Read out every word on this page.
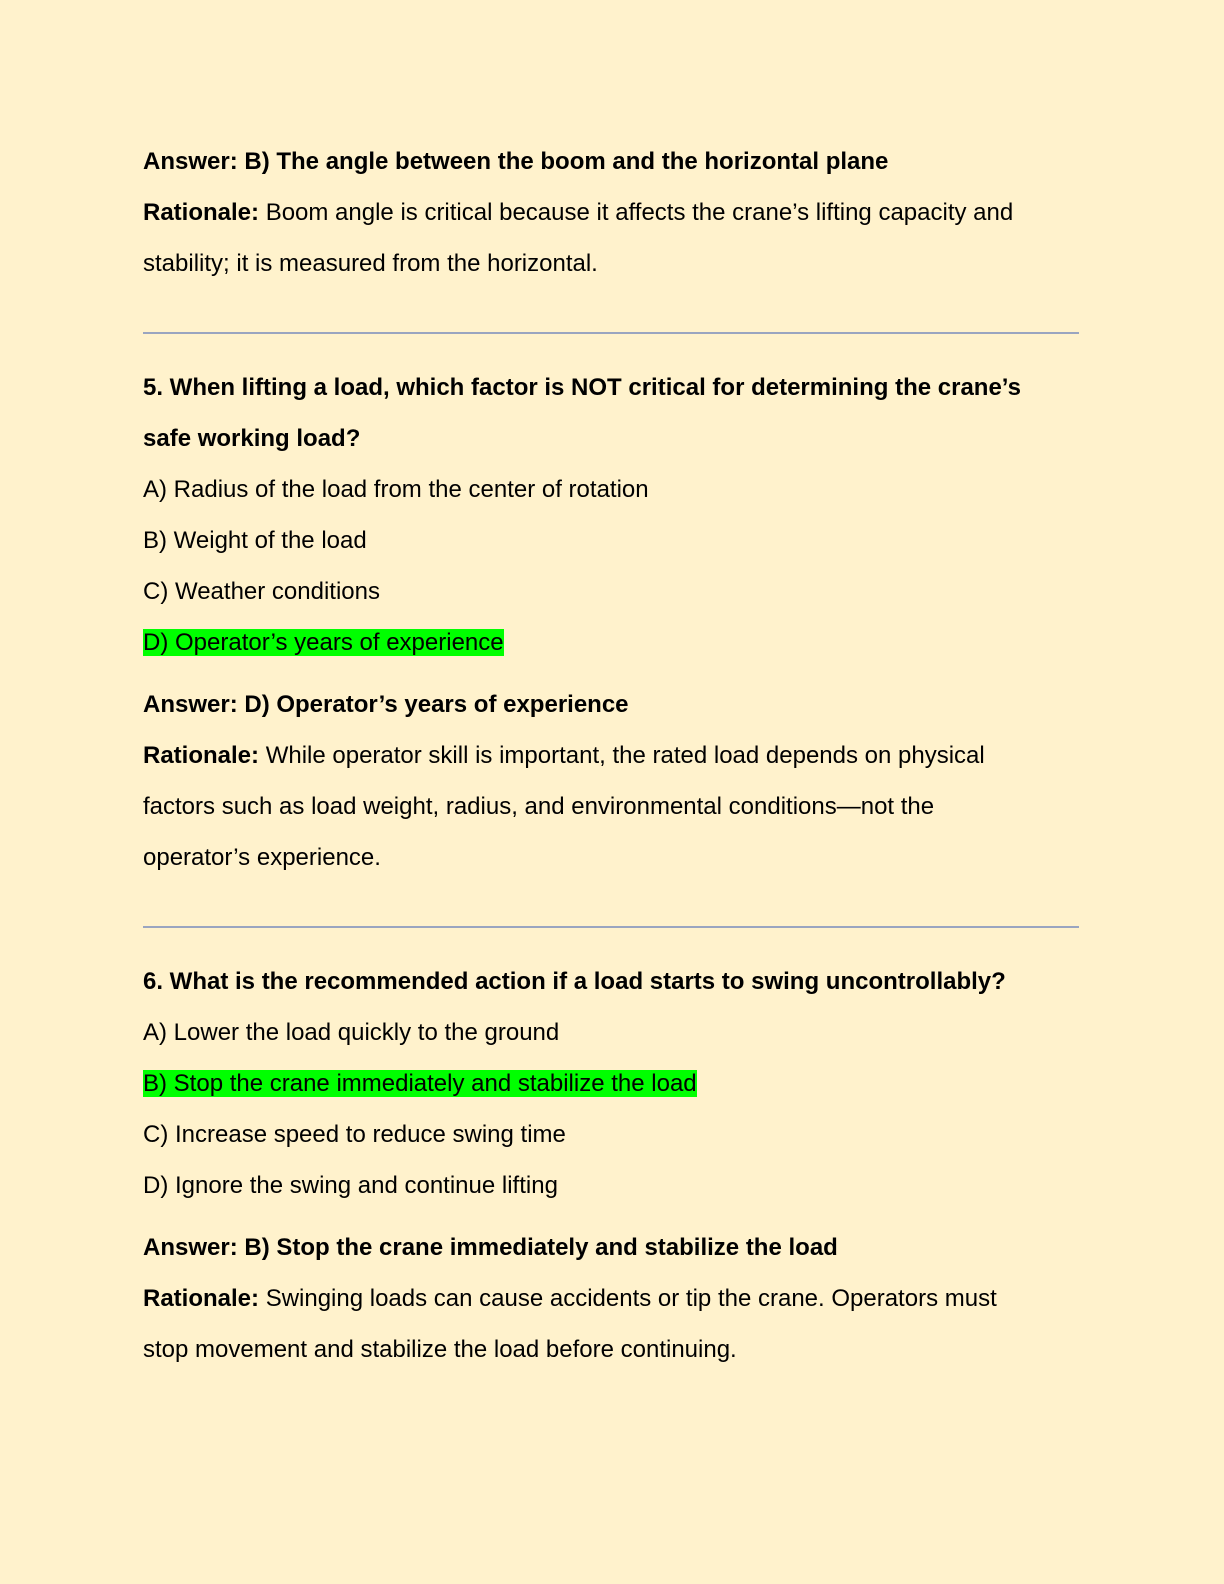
Answer: B) The angle between the boom and the horizontal plane

Rationale: Boom angle is critical because it affects the crane’s lifting capacity and

stability; it is measured from the horizontal.

5. When lifting a load, which factor is NOT critical for determining the crane’s

safe working load?

A) Radius of the load from the center of rotation

B) Weight of the load

C) Weather conditions

D) Operator’s years of experience

Answer: D) Operator’s years of experience

Rationale: While operator skill is important, the rated load depends on physical

factors such as load weight, radius, and environmental conditions—not the

operator’s experience.

6. What is the recommended action if a load starts to swing uncontrollably?

A) Lower the load quickly to the ground

B) Stop the crane immediately and stabilize the load

C) Increase speed to reduce swing time

D) Ignore the swing and continue lifting

Answer: B) Stop the crane immediately and stabilize the load

Rationale: Swinging loads can cause accidents or tip the crane. Operators must

stop movement and stabilize the load before continuing.
